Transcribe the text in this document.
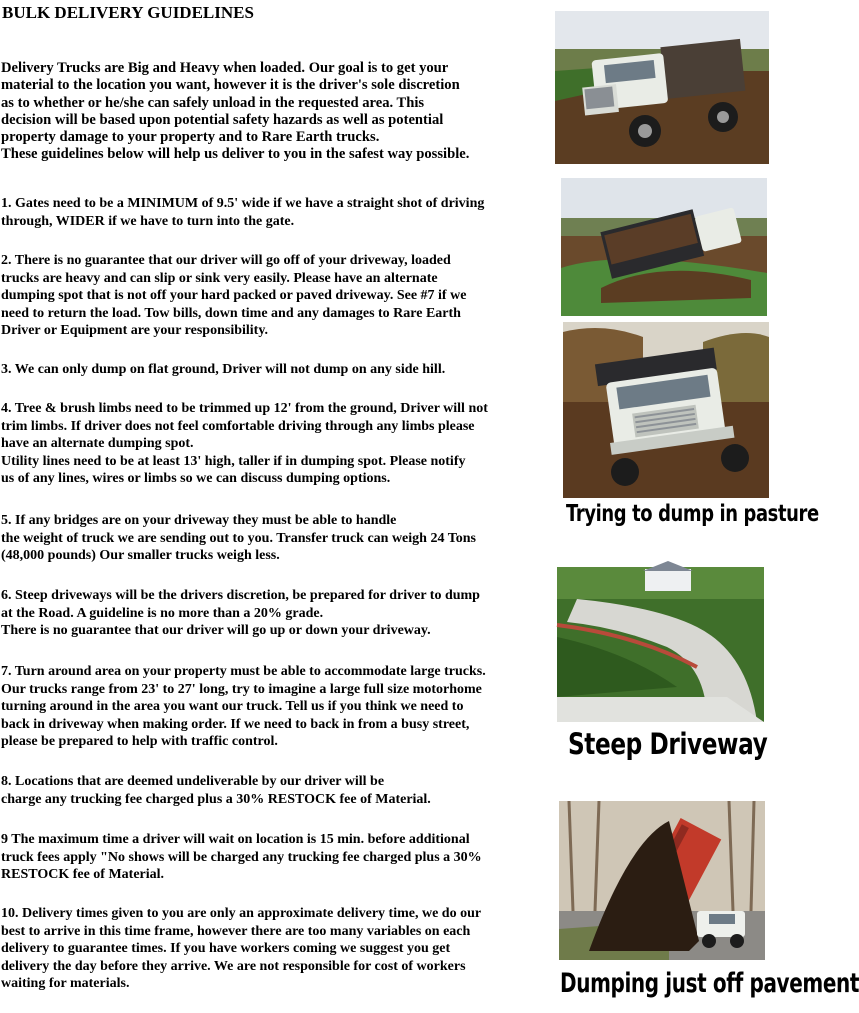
BULK DELIVERY GUIDELINES

Delivery Trucks are Big and Heavy when loaded. Our goal is to get your
material to the location you want, however it is the driver's sole discretion
as to whether or he/she can safely unload in the requested area. This
decision will be based upon potential safety hazards as well as potential
property damage to your property and to Rare Earth trucks.
These guidelines below will help us deliver to you in the safest way possible.

1. Gates need to be a MINIMUM of 9.5' wide if we have a straight shot of driving
through, WIDER if we have to turn into the gate.

2. There is no guarantee that our driver will go off of your driveway, loaded
trucks are heavy and can slip or sink very easily. Please have an alternate
dumping spot that is not off your hard packed or paved driveway. See #7 if we
need to return the load. Tow bills, down time and any damages to Rare Earth
Driver or Equipment are your responsibility.

3. We can only dump on flat ground, Driver will not dump on any side hill.

4. Tree & brush limbs need to be trimmed up 12' from the ground, Driver will not
trim limbs. If driver does not feel comfortable driving through any limbs please
have an alternate dumping spot.
Utility lines need to be at least 13' high, taller if in dumping spot. Please notify
us of any lines, wires or limbs so we can discuss dumping options.

5. If any bridges are on your driveway they must be able to handle
the weight of truck we are sending out to you. Transfer truck can weigh 24 Tons
(48,000 pounds) Our smaller trucks weigh less.

6. Steep driveways will be the drivers discretion, be prepared for driver to dump
at the Road. A guideline is no more than a 20% grade.
There is no guarantee that our driver will go up or down your driveway.

7. Turn around area on your property must be able to accommodate large trucks.
Our trucks range from 23' to 27' long, try to imagine a large full size motorhome
turning around in the area you want our truck. Tell us if you think we need to
back in driveway when making order. If we need to back in from a busy street,
please be prepared to help with traffic control.

8. Locations that are deemed undeliverable by our driver will be
charge any trucking fee charged plus a 30% RESTOCK fee of Material.

9 The maximum time a driver will wait on location is 15 min. before additional
truck fees apply "No shows will be charged any trucking fee charged plus a 30%
RESTOCK fee of Material.

10. Delivery times given to you are only an approximate delivery time, we do our
best to arrive in this time frame, however there are too many variables on each
delivery to guarantee times. If you have workers coming we suggest you get
delivery the day before they arrive. We are not responsible for cost of workers
waiting for materials.

Trying to dump in pasture

Steep Driveway

Dumping just off pavement
